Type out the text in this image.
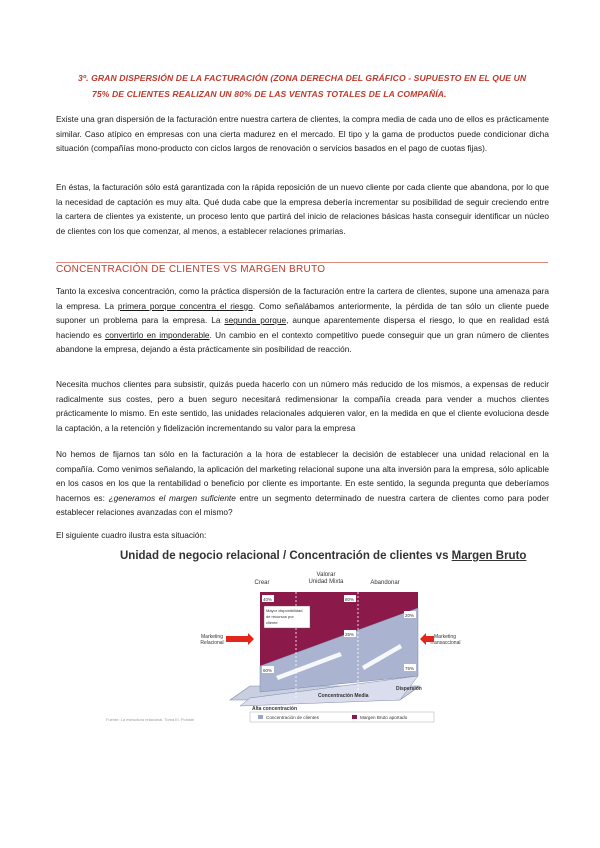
3º. GRAN DISPERSIÓN DE LA FACTURACIÓN (ZONA DERECHA DEL GRÁFICO - SUPUESTO EN EL QUE UN
75% DE CLIENTES REALIZAN UN 80% DE LAS VENTAS TOTALES DE LA COMPAÑÍA.
Existe una gran dispersión de la facturación entre nuestra cartera de clientes, la compra media de cada uno de ellos es prácticamente similar. Caso atípico en empresas con una cierta madurez en el mercado. El tipo y la gama de productos puede condicionar dicha situación (compañías mono-producto con ciclos largos de renovación o servicios basados en el pago de cuotas fijas).
En éstas, la facturación sólo está garantizada con la rápida reposición de un nuevo cliente por cada cliente que abandona, por lo que la necesidad de captación es muy alta. Qué duda cabe que la empresa debería incrementar su posibilidad de seguir creciendo entre la cartera de clientes ya existente, un proceso lento que partirá del inicio de relaciones básicas hasta conseguir identificar un núcleo de clientes con los que comenzar, al menos, a establecer relaciones primarias.
CONCENTRACIÓN DE CLIENTES VS MARGEN BRUTO
Tanto la excesiva concentración, como la práctica dispersión de la facturación entre la cartera de clientes, supone una amenaza para la empresa. La primera porque concentra el riesgo. Como señalábamos anteriormente, la pérdida de tan sólo un cliente puede suponer un problema para la empresa. La segunda porque, aunque aparentemente dispersa el riesgo, lo que en realidad está haciendo es convertirlo en imponderable. Un cambio en el contexto competitivo puede conseguir que un gran número de clientes abandone la empresa, dejando a ésta prácticamente sin posibilidad de reacción.
Necesita muchos clientes para subsistir, quizás pueda hacerlo con un número más reducido de los mismos, a expensas de reducir radicalmente sus costes, pero a buen seguro necesitará redimensionar la compañía creada para vender a muchos clientes prácticamente lo mismo. En este sentido, las unidades relacionales adquieren valor, en la medida en que el cliente evoluciona desde la captación, a la retención y fidelización incrementando su valor para la empresa
No hemos de fijarnos tan sólo en la facturación a la hora de establecer la decisión de establecer una unidad relacional en la compañía. Como venimos señalando, la aplicación del marketing relacional supone una alta inversión para la empresa, sólo aplicable en los casos en los que la rentabilidad o beneficio por cliente es importante. En este sentido, la segunda pregunta que deberíamos hacernos es: ¿generamos el margen suficiente entre un segmento determinado de nuestra cartera de clientes como para poder establecer relaciones avanzadas con el mismo?
El siguiente cuadro ilustra esta situación:
Unidad de negocio relacional / Concentración de clientes vs Margen Bruto
Crear
Valorar
Unidad Mixta	Abandonar
Mayor disponibilidad
de recursos por
cliente
40%	80%
20%
25%
60%	75%
Marketing
Relacional
Marketing
Transaccional
Dispersión
Concentración Media
Alta concentración
Concentración de clientes	Margen Bruto aportado
Fuente: La estructura relacional. Toma III. Poniste
